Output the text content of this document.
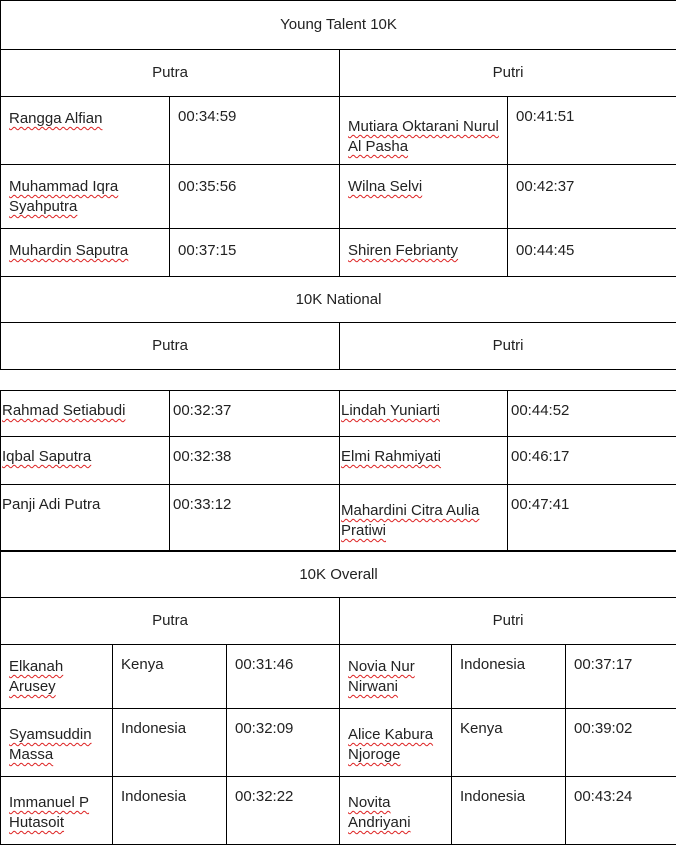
Young Talent 10K			
Putra		Putri	
Rangga Alfian	00:34:59	Mutiara Oktarani Nurul Al Pasha	00:41:51
Muhammad Iqra Syahputra	00:35:56	Wilna Selvi	00:42:37
Muhardin Saputra	00:37:15	Shiren Febrianty	00:44:45
10K National			
Putra		Putri	
Rahmad Setiabudi	00:32:37	Lindah Yuniarti	00:44:52
Iqbal Saputra	00:32:38	Elmi Rahmiyati	00:46:17
Panji Adi Putra	00:33:12	Mahardini Citra Aulia Pratiwi	00:47:41
10K Overall					
Putra			Putri		
Elkanah Arusey	Kenya	00:31:46	Novia Nur Nirwani	Indonesia	00:37:17
Syamsuddin Massa	Indonesia	00:32:09	Alice Kabura Njoroge	Kenya	00:39:02
Immanuel P Hutasoit	Indonesia	00:32:22	Novita Andriyani	Indonesia	00:43:24
